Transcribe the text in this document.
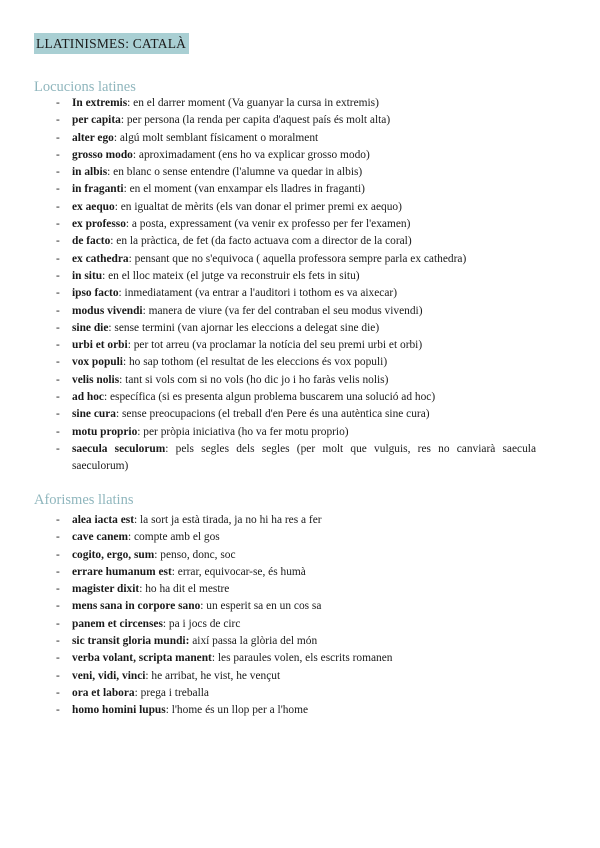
LLATINISMES: CATALÀ
Locucions latines
- In extremis: en el darrer moment (Va guanyar la cursa in extremis)
- per capita: per persona (la renda per capita d'aquest país és molt alta)
- alter ego: algú molt semblant físicament o moralment
- grosso modo: aproximadament (ens ho va explicar grosso modo)
- in albis: en blanc o sense entendre (l'alumne va quedar in albis)
- in fraganti: en el moment (van enxampar els lladres in fraganti)
- ex aequo: en igualtat de mèrits (els van donar el primer premi ex aequo)
- ex professo: a posta, expressament (va venir ex professo per fer l'examen)
- de facto: en la pràctica, de fet (da facto actuava com a director de la coral)
- ex cathedra: pensant que no s'equivoca ( aquella professora sempre parla ex cathedra)
- in situ: en el lloc mateix (el jutge va reconstruir els fets in situ)
- ipso facto: inmediatament (va entrar a l'auditori i tothom es va aixecar)
- modus vivendi: manera de viure (va fer del contraban el seu modus vivendi)
- sine die: sense termini (van ajornar les eleccions a delegat sine die)
- urbi et orbi: per tot arreu (va proclamar la notícia del seu premi urbi et orbi)
- vox populi: ho sap tothom (el resultat de les eleccions és vox populi)
- velis nolis: tant si vols com si no vols (ho dic jo i ho faràs velis nolis)
- ad hoc: específica (si es presenta algun problema buscarem una solució ad hoc)
- sine cura: sense preocupacions (el treball d'en Pere és una autèntica sine cura)
- motu proprio: per pròpia iniciativa (ho va fer motu proprio)
- saecula seculorum: pels segles dels segles (per molt que vulguis, res no canviarà saecula saeculorum)
Aforismes llatins
- alea iacta est: la sort ja està tirada, ja no hi ha res a fer
- cave canem: compte amb el gos
- cogito, ergo, sum: penso, donc, soc
- errare humanum est: errar, equivocar-se, és humà
- magister dixit: ho ha dit el mestre
- mens sana in corpore sano: un esperit sa en un cos sa
- panem et circenses: pa i jocs de circ
- sic transit gloria mundi: així passa la glòria del món
- verba volant, scripta manent: les paraules volen, els escrits romanen
- veni, vidi, vinci: he arribat, he vist, he vençut
- ora et labora: prega i treballa
- homo homini lupus: l'home és un llop per a l'home
